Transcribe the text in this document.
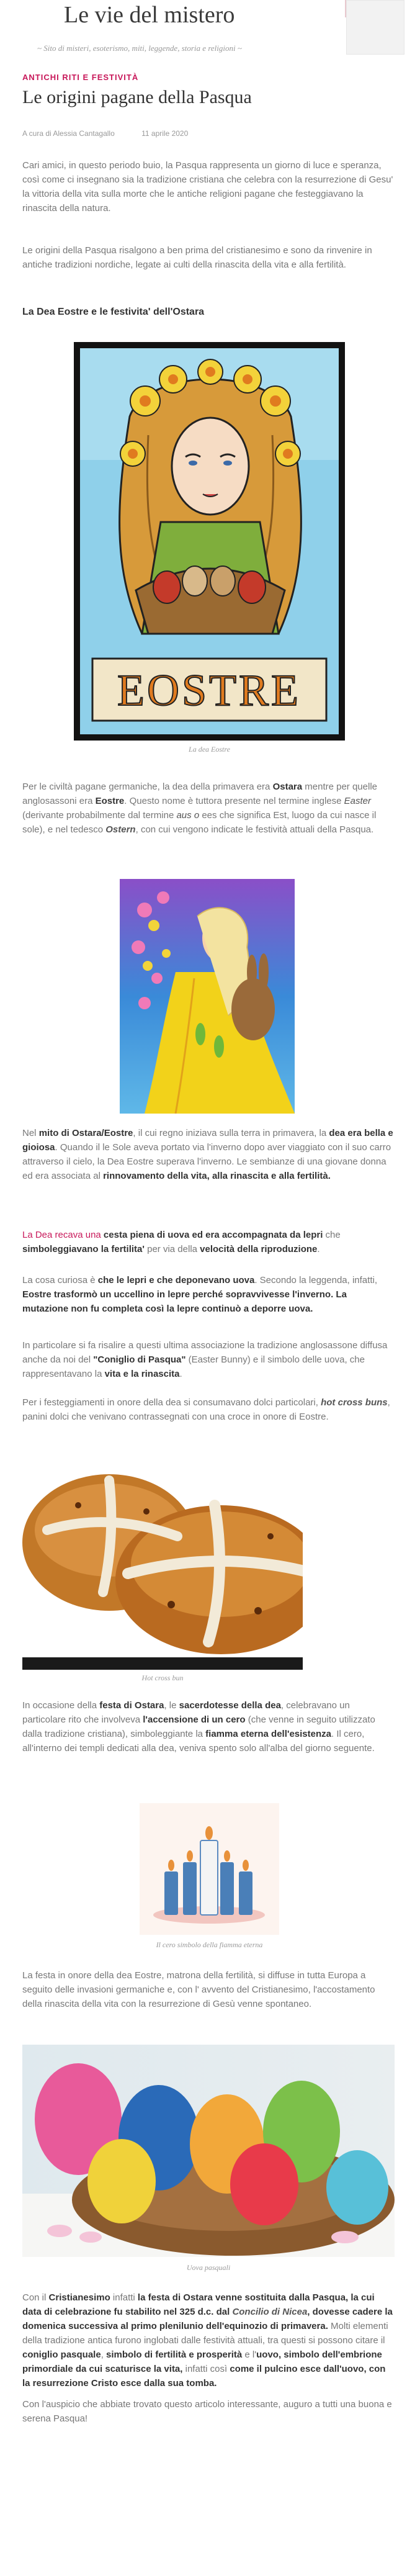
Le vie del mistero
~ Sito di misteri, esoterismo, miti, leggende, storia e religioni ~
ANTICHI RITI E FESTIVITÀ
Le origini pagane della Pasqua
A cura di Alessia Cantagallo	11 aprile 2020

Cari amici, in questo periodo buio, la Pasqua rappresenta un giorno di luce e speranza, così come ci insegnano sia la tradizione cristiana che celebra con la resurrezione di Gesu' la vittoria della vita sulla morte che le antiche religioni pagane che festeggiavano la rinascita della natura.

Le origini della Pasqua risalgono a ben prima del cristianesimo e sono da rinvenire in antiche tradizioni nordiche, legate ai culti della rinascita della vita e alla fertilità.

La Dea Eostre e le festivita' dell'Ostara
EOSTRE
La dea Eostre

Per le civiltà pagane germaniche, la dea della primavera era Ostara mentre per quelle anglosassoni era Eostre. Questo nome è tuttora presente nel termine inglese Easter (derivante probabilmente dal termine aus o ees che significa Est, luogo da cui nasce il sole), e nel tedesco Ostern, con cui vengono indicate le festività attuali della Pasqua.

Nel mito di Ostara/Eostre, il cui regno iniziava sulla terra in primavera, la dea era bella e gioiosa. Quando il le Sole aveva portato via l'inverno dopo aver viaggiato con il suo carro attraverso il cielo, la Dea Eostre superava l'inverno. Le sembianze di una giovane donna ed era associata al rinnovamento della vita, alla rinascita e alla fertilità.

La Dea recava una cesta piena di uova ed era accompagnata da lepri che simboleggiavano la fertilita' per via della velocità della riproduzione.

La cosa curiosa è che le lepri e che deponevano uova. Secondo la leggenda, infatti, Eostre trasformò un uccellino in lepre perché sopravvivesse l'inverno. La mutazione non fu completa così la lepre continuò a deporre uova.

In particolare si fa risalire a questi ultima associazione la tradizione anglosassone diffusa anche da noi del "Coniglio di Pasqua" (Easter Bunny) e il simbolo delle uova, che rappresentavano la vita e la rinascita.

Per i festeggiamenti in onore della dea si consumavano dolci particolari, hot cross buns, panini dolci che venivano contrassegnati con una croce in onore di Eostre.

Hot cross bun

In occasione della festa di Ostara, le sacerdotesse della dea, celebravano un particolare rito che involveva l'accensione di un cero (che venne in seguito utilizzato dalla tradizione cristiana), simboleggiante la fiamma eterna dell'esistenza. Il cero, all'interno dei templi dedicati alla dea, veniva spento solo all'alba del giorno seguente.

Il cero simbolo della fiamma eterna

La festa in onore della dea Eostre, matrona della fertilità, si diffuse in tutta Europa a seguito delle invasioni germaniche e, con l' avvento del Cristianesimo, l'accostamento della rinascita della vita con la resurrezione di Gesù venne spontaneo.

Uova pasquali

Con il Cristianesimo infatti la festa di Ostara venne sostituita dalla Pasqua, la cui data di celebrazione fu stabilito nel 325 d.c. dal Concilio di Nicea, dovesse cadere la domenica successiva al primo plenilunio dell'equinozio di primavera. Molti elementi della tradizione antica furono inglobati dalle festività attuali, tra questi si possono citare il coniglio pasquale, simbolo di fertilità e prosperità e l'uovo, simbolo dell'embrione primordiale da cui scaturisce la vita, infatti così come il pulcino esce dall'uovo, con la resurrezione Cristo esce dalla sua tomba.

Con l'auspicio che abbiate trovato questo articolo interessante, auguro a tutti una buona e serena Pasqua!
